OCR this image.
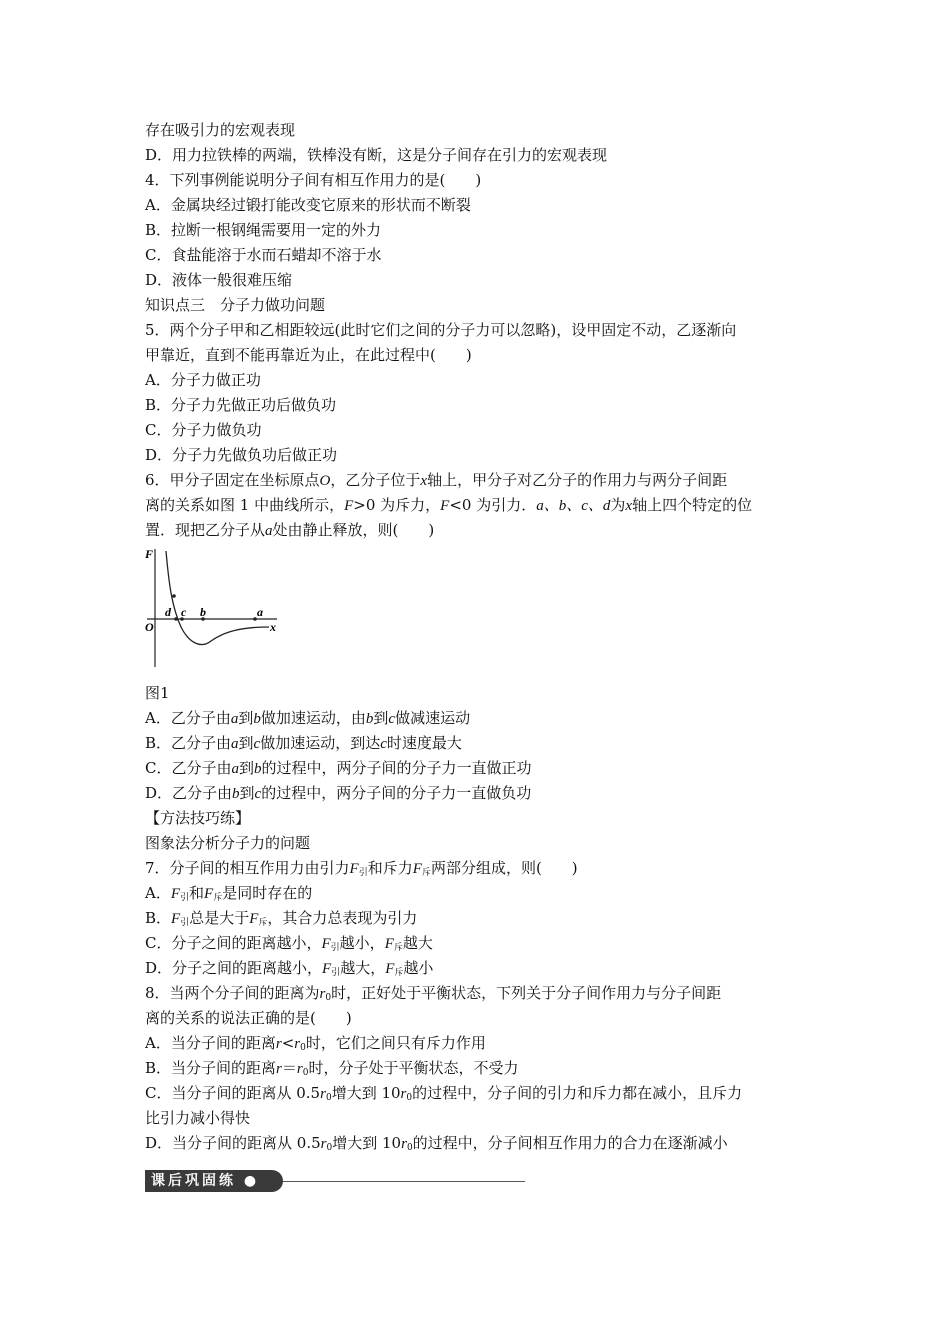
存在吸引力的宏观表现
D．用力拉铁棒的两端，铁棒没有断，这是分子间存在引力的宏观表现
4．下列事例能说明分子间有相互作用力的是(　　)
A．金属块经过锻打能改变它原来的形状而不断裂
B．拉断一根钢绳需要用一定的外力
C．食盐能溶于水而石蜡却不溶于水
D．液体一般很难压缩
知识点三　分子力做功问题
5．两个分子甲和乙相距较远(此时它们之间的分子力可以忽略)，设甲固定不动，乙逐渐向
甲靠近，直到不能再靠近为止，在此过程中(　　)
A．分子力做正功
B．分子力先做正功后做负功
C．分子力做负功
D．分子力先做负功后做正功
6．甲分子固定在坐标原点O，乙分子位于x轴上，甲分子对乙分子的作用力与两分子间距
离的关系如图 1 中曲线所示，F>0 为斥力，F<0 为引力．a、b、c、d为x轴上四个特定的位
置．现把乙分子从a处由静止释放，则(　　)
F
O	x
d c b	a
图1
A．乙分子由a到b做加速运动，由b到c做减速运动
B．乙分子由a到c做加速运动，到达c时速度最大
C．乙分子由a到b的过程中，两分子间的分子力一直做正功
D．乙分子由b到c的过程中，两分子间的分子力一直做负功
【方法技巧练】
图象法分析分子力的问题
7．分子间的相互作用力由引力$F_引$和斥力$F_斥$两部分组成，则(　　)
A．$F_引$和$F_斥$是同时存在的
B．$F_引$总是大于$F_斥$，其合力总表现为引力
C．分子之间的距离越小，$F_引$越小，$F_斥$越大
D．分子之间的距离越小，$F_引$越大，$F_斥$越小
8．当两个分子间的距离为$r_0$时，正好处于平衡状态，下列关于分子间作用力与分子间距
离的关系的说法正确的是(　　)
A．当分子间的距离$r<r_0$时，它们之间只有斥力作用
B．当分子间的距离$r=r_0$时，分子处于平衡状态，不受力
C．当分子间的距离从 $0.5r_0$增大到 $10r_0$的过程中，分子间的引力和斥力都在减小，且斥力
比引力减小得快
D．当分子间的距离从 $0.5r_0$增大到 $10r_0$的过程中，分子间相互作用力的合力在逐渐减小
课后巩固练 ●
